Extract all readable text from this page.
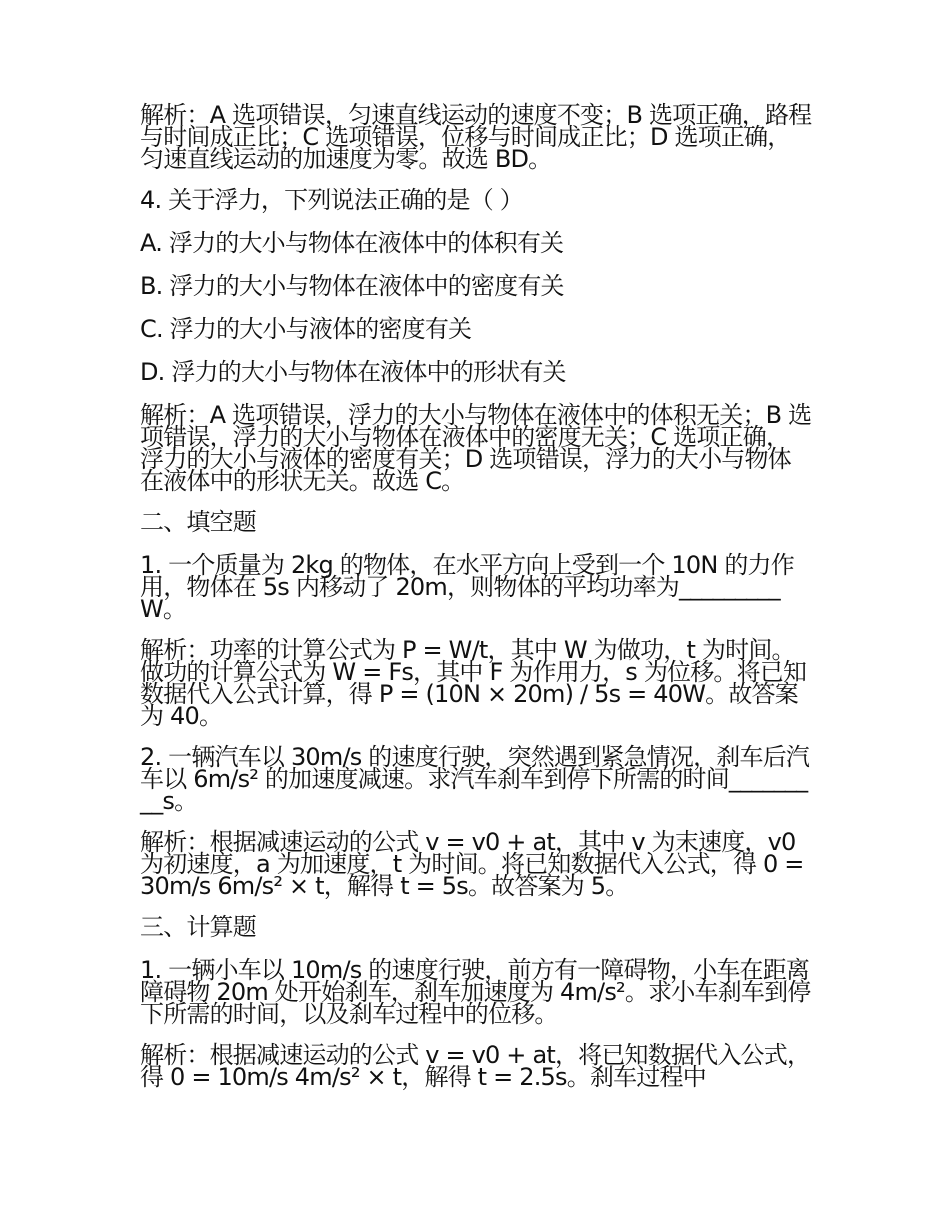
解析：A 选项错误，匀速直线运动的速度不变；B 选项正确，路程与时间成正比；C 选项错误，位移与时间成正比；D 选项正确，匀速直线运动的加速度为零。故选 BD。

4. 关于浮力，下列说法正确的是（ ）

A. 浮力的大小与物体在液体中的体积有关

B. 浮力的大小与物体在液体中的密度有关

C. 浮力的大小与液体的密度有关

D. 浮力的大小与物体在液体中的形状有关

解析：A 选项错误，浮力的大小与物体在液体中的体积无关；B 选项错误，浮力的大小与物体在液体中的密度无关；C 选项正确，浮力的大小与液体的密度有关；D 选项错误，浮力的大小与物体在液体中的形状无关。故选 C。

二、填空题

1. 一个质量为 2kg 的物体，在水平方向上受到一个 10N 的力作用，物体在 5s 内移动了 20m，则物体的平均功率为_________W。

解析：功率的计算公式为 P = W/t，其中 W 为做功，t 为时间。做功的计算公式为 W = Fs，其中 F 为作用力，s 为位移。将已知数据代入公式计算，得 P = (10N × 20m) / 5s = 40W。故答案为 40。

2. 一辆汽车以 30m/s 的速度行驶，突然遇到紧急情况，刹车后汽车以 6m/s² 的加速度减速。求汽车刹车到停下所需的时间_________s。

解析：根据减速运动的公式 v = v0 + at，其中 v 为末速度，v0 为初速度，a 为加速度，t 为时间。将已知数据代入公式，得 0 = 30m/s 6m/s² × t，解得 t = 5s。故答案为 5。

三、计算题

1. 一辆小车以 10m/s 的速度行驶，前方有一障碍物，小车在距离障碍物 20m 处开始刹车，刹车加速度为 4m/s²。求小车刹车到停下所需的时间，以及刹车过程中的位移。

解析：根据减速运动的公式 v = v0 + at，将已知数据代入公式，得 0 = 10m/s 4m/s² × t，解得 t = 2.5s。刹车过程中
